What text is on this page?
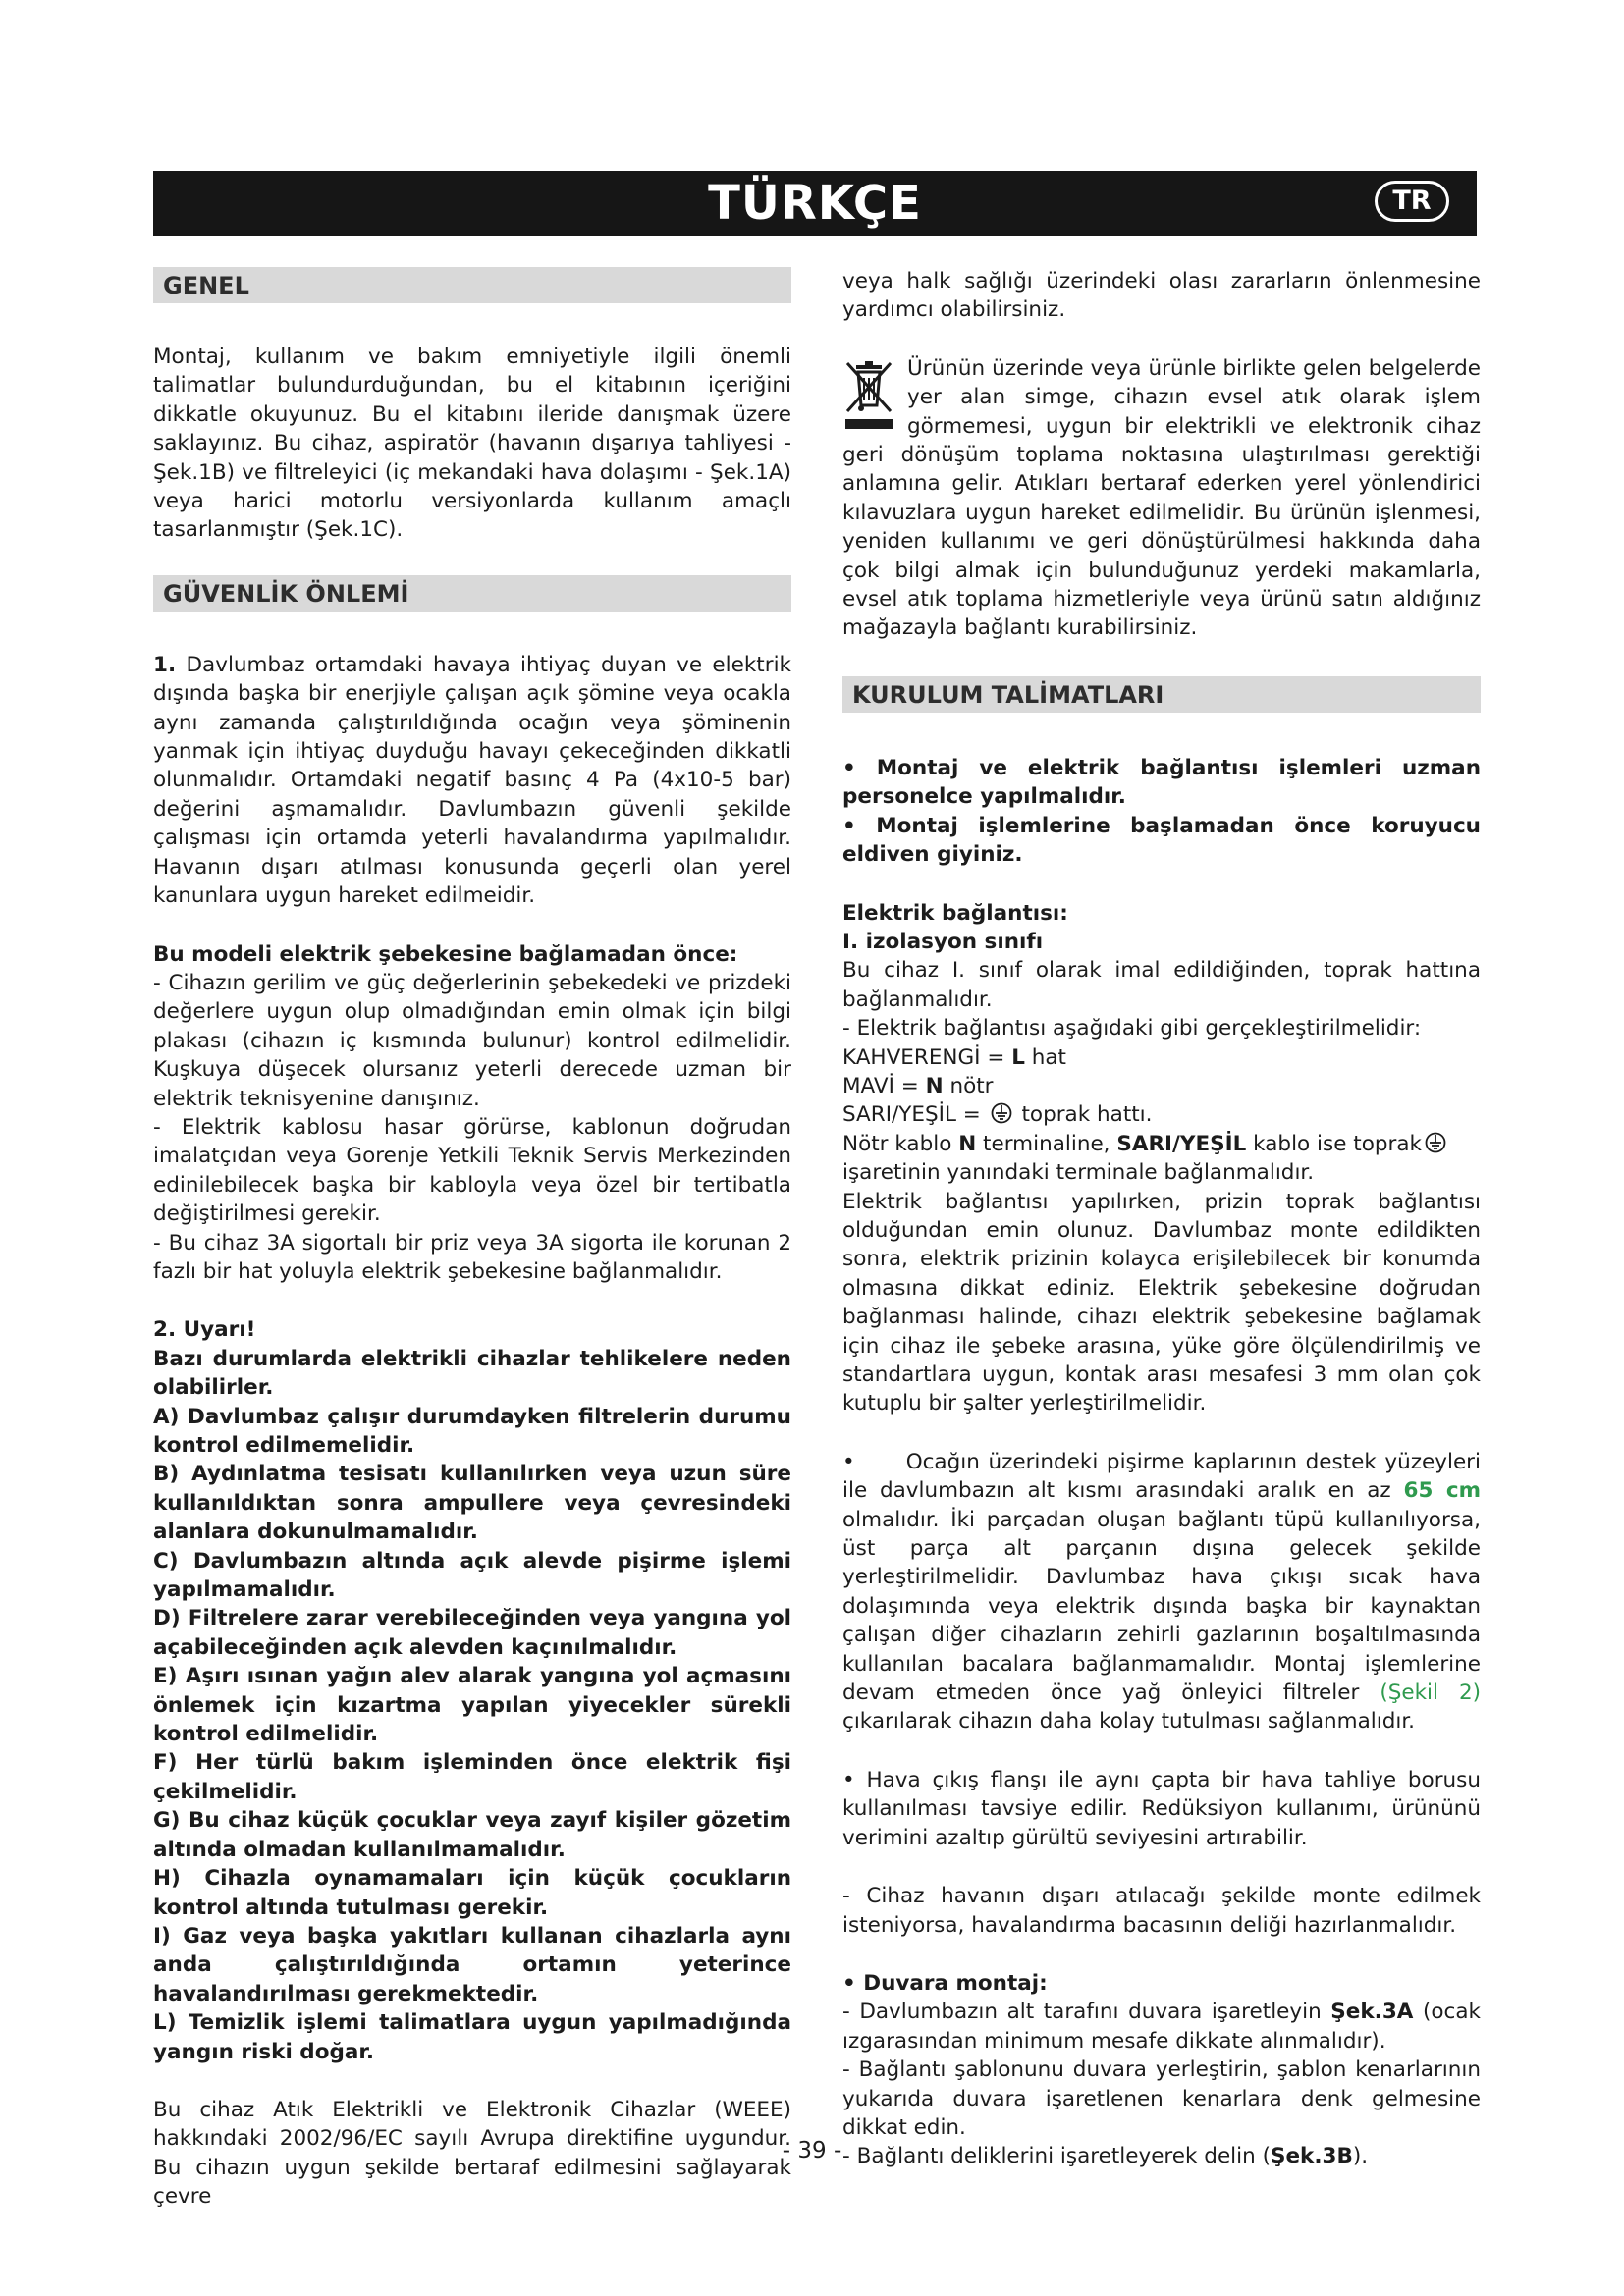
TÜRKÇE	TR
GENEL

Montaj, kullanım ve bakım emniyetiyle ilgili önemli talimatlar bulundurduğundan, bu el kitabının içeriğini dikkatle okuyunuz. Bu el kitabını ileride danışmak üzere saklayınız. Bu cihaz, aspiratör (havanın dışarıya tahliyesi - Şek.1B) ve filtreleyici (iç mekandaki hava dolaşımı - Şek.1A) veya harici motorlu versiyonlarda kullanım amaçlı tasarlanmıştır (Şek.1C).

GÜVENLİK ÖNLEMİ

1. Davlumbaz ortamdaki havaya ihtiyaç duyan ve elektrik dışında başka bir enerjiyle çalışan açık şömine veya ocakla aynı zamanda çalıştırıldığında ocağın veya şöminenin yanmak için ihtiyaç duyduğu havayı çekeceğinden dikkatli olunmalıdır. Ortamdaki negatif basınç 4 Pa (4x10-5 bar) değerini aşmamalıdır. Davlumbazın güvenli şekilde çalışması için ortamda yeterli havalandırma yapılmalıdır. Havanın dışarı atılması konusunda geçerli olan yerel kanunlara uygun hareket edilmeidir.

Bu modeli elektrik şebekesine bağlamadan önce:

- Cihazın gerilim ve güç değerlerinin şebekedeki ve prizdeki değerlere uygun olup olmadığından emin olmak için bilgi plakası (cihazın iç kısmında bulunur) kontrol edilmelidir. Kuşkuya düşecek olursanız yeterli derecede uzman bir elektrik teknisyenine danışınız.

- Elektrik kablosu hasar görürse, kablonun doğrudan imalatçıdan veya Gorenje Yetkili Teknik Servis Merkezinden edinilebilecek başka bir kabloyla veya özel bir tertibatla değiştirilmesi gerekir.

- Bu cihaz 3A sigortalı bir priz veya 3A sigorta ile korunan 2 fazlı bir hat yoluyla elektrik şebekesine bağlanmalıdır.

2. Uyarı!

Bazı durumlarda elektrikli cihazlar tehlikelere neden olabilirler.

A) Davlumbaz çalışır durumdayken filtrelerin durumu kontrol edilmemelidir.

B) Aydınlatma tesisatı kullanılırken veya uzun süre kullanıldıktan sonra ampullere veya çevresindeki alanlara dokunulmamalıdır.

C) Davlumbazın altında açık alevde pişirme işlemi yapılmamalıdır.

D) Filtrelere zarar verebileceğinden veya yangına yol açabileceğinden açık alevden kaçınılmalıdır.

E) Aşırı ısınan yağın alev alarak yangına yol açmasını önlemek için kızartma yapılan yiyecekler sürekli kontrol edilmelidir.

F) Her türlü bakım işleminden önce elektrik fişi çekilmelidir.

G) Bu cihaz küçük çocuklar veya zayıf kişiler gözetim altında olmadan kullanılmamalıdır.

H) Cihazla oynamamaları için küçük çocukların kontrol altında tutulması gerekir.

I) Gaz veya başka yakıtları kullanan cihazlarla aynı anda çalıştırıldığında ortamın yeterince havalandırılması gerekmektedir.

L) Temizlik işlemi talimatlara uygun yapılmadığında yangın riski doğar.

Bu cihaz Atık Elektrikli ve Elektronik Cihazlar (WEEE) hakkındaki 2002/96/EC sayılı Avrupa direktifine uygundur. Bu cihazın uygun şekilde bertaraf edilmesini sağlayarak çevre

veya halk sağlığı üzerindeki olası zararların önlenmesine yardımcı olabilirsiniz.

Ürünün üzerinde veya ürünle birlikte gelen belgelerde yer alan simge, cihazın evsel atık olarak işlem görmemesi, uygun bir elektrikli ve elektronik cihaz geri dönüşüm toplama noktasına ulaştırılması gerektiği anlamına gelir. Atıkları bertaraf ederken yerel yönlendirici kılavuzlara uygun hareket edilmelidir. Bu ürünün işlenmesi, yeniden kullanımı ve geri dönüştürülmesi hakkında daha çok bilgi almak için bulunduğunuz yerdeki makamlarla, evsel atık toplama hizmetleriyle veya ürünü satın aldığınız mağazayla bağlantı kurabilirsiniz.
KURULUM TALİMATLARI

• Montaj ve elektrik bağlantısı işlemleri uzman personelce yapılmalıdır.

• Montaj işlemlerine başlamadan önce koruyucu eldiven giyiniz.

Elektrik bağlantısı:

I. izolasyon sınıfı

Bu cihaz I. sınıf olarak imal edildiğinden, toprak hattına bağlanmalıdır.

- Elektrik bağlantısı aşağıdaki gibi gerçekleştirilmelidir:

KAHVERENGİ = L hat

MAVİ = N nötr

SARI/YEŞİL =  toprak hattı.

Nötr kablo N terminaline, SARI/YEŞİL kablo ise toprak
işaretinin yanındaki terminale bağlanmalıdır.

Elektrik bağlantısı yapılırken, prizin toprak bağlantısı olduğundan emin olunuz. Davlumbaz monte edildikten sonra, elektrik prizinin kolayca erişilebilecek bir konumda olmasına dikkat ediniz. Elektrik şebekesine doğrudan bağlanması halinde, cihazı elektrik şebekesine bağlamak için cihaz ile şebeke arasına, yüke göre ölçülendirilmiş ve standartlara uygun, kontak arası mesafesi 3 mm olan çok kutuplu bir şalter yerleştirilmelidir.

• Ocağın üzerindeki pişirme kaplarının destek yüzeyleri ile davlumbazın alt kısmı arasındaki aralık en az 65 cm olmalıdır. İki parçadan oluşan bağlantı tüpü kullanılıyorsa, üst parça alt parçanın dışına gelecek şekilde yerleştirilmelidir. Davlumbaz hava çıkışı sıcak hava dolaşımında veya elektrik dışında başka bir kaynaktan çalışan diğer cihazların zehirli gazlarının boşaltılmasında kullanılan bacalara bağlanmamalıdır. Montaj işlemlerine devam etmeden önce yağ önleyici filtreler (Şekil 2) çıkarılarak cihazın daha kolay tutulması sağlanmalıdır.

• Hava çıkış flanşı ile aynı çapta bir hava tahliye borusu kullanılması tavsiye edilir. Redüksiyon kullanımı, ürününü verimini azaltıp gürültü seviyesini artırabilir.

- Cihaz havanın dışarı atılacağı şekilde monte edilmek isteniyorsa, havalandırma bacasının deliği hazırlanmalıdır.

• Duvara montaj:

- Davlumbazın alt tarafını duvara işaretleyin Şek.3A (ocak ızgarasından minimum mesafe dikkate alınmalıdır).

- Bağlantı şablonunu duvara yerleştirin, şablon kenarlarının yukarıda duvara işaretlenen kenarlara denk gelmesine dikkat edin.

- Bağlantı deliklerini işaretleyerek delin (Şek.3B).

- 39 -
